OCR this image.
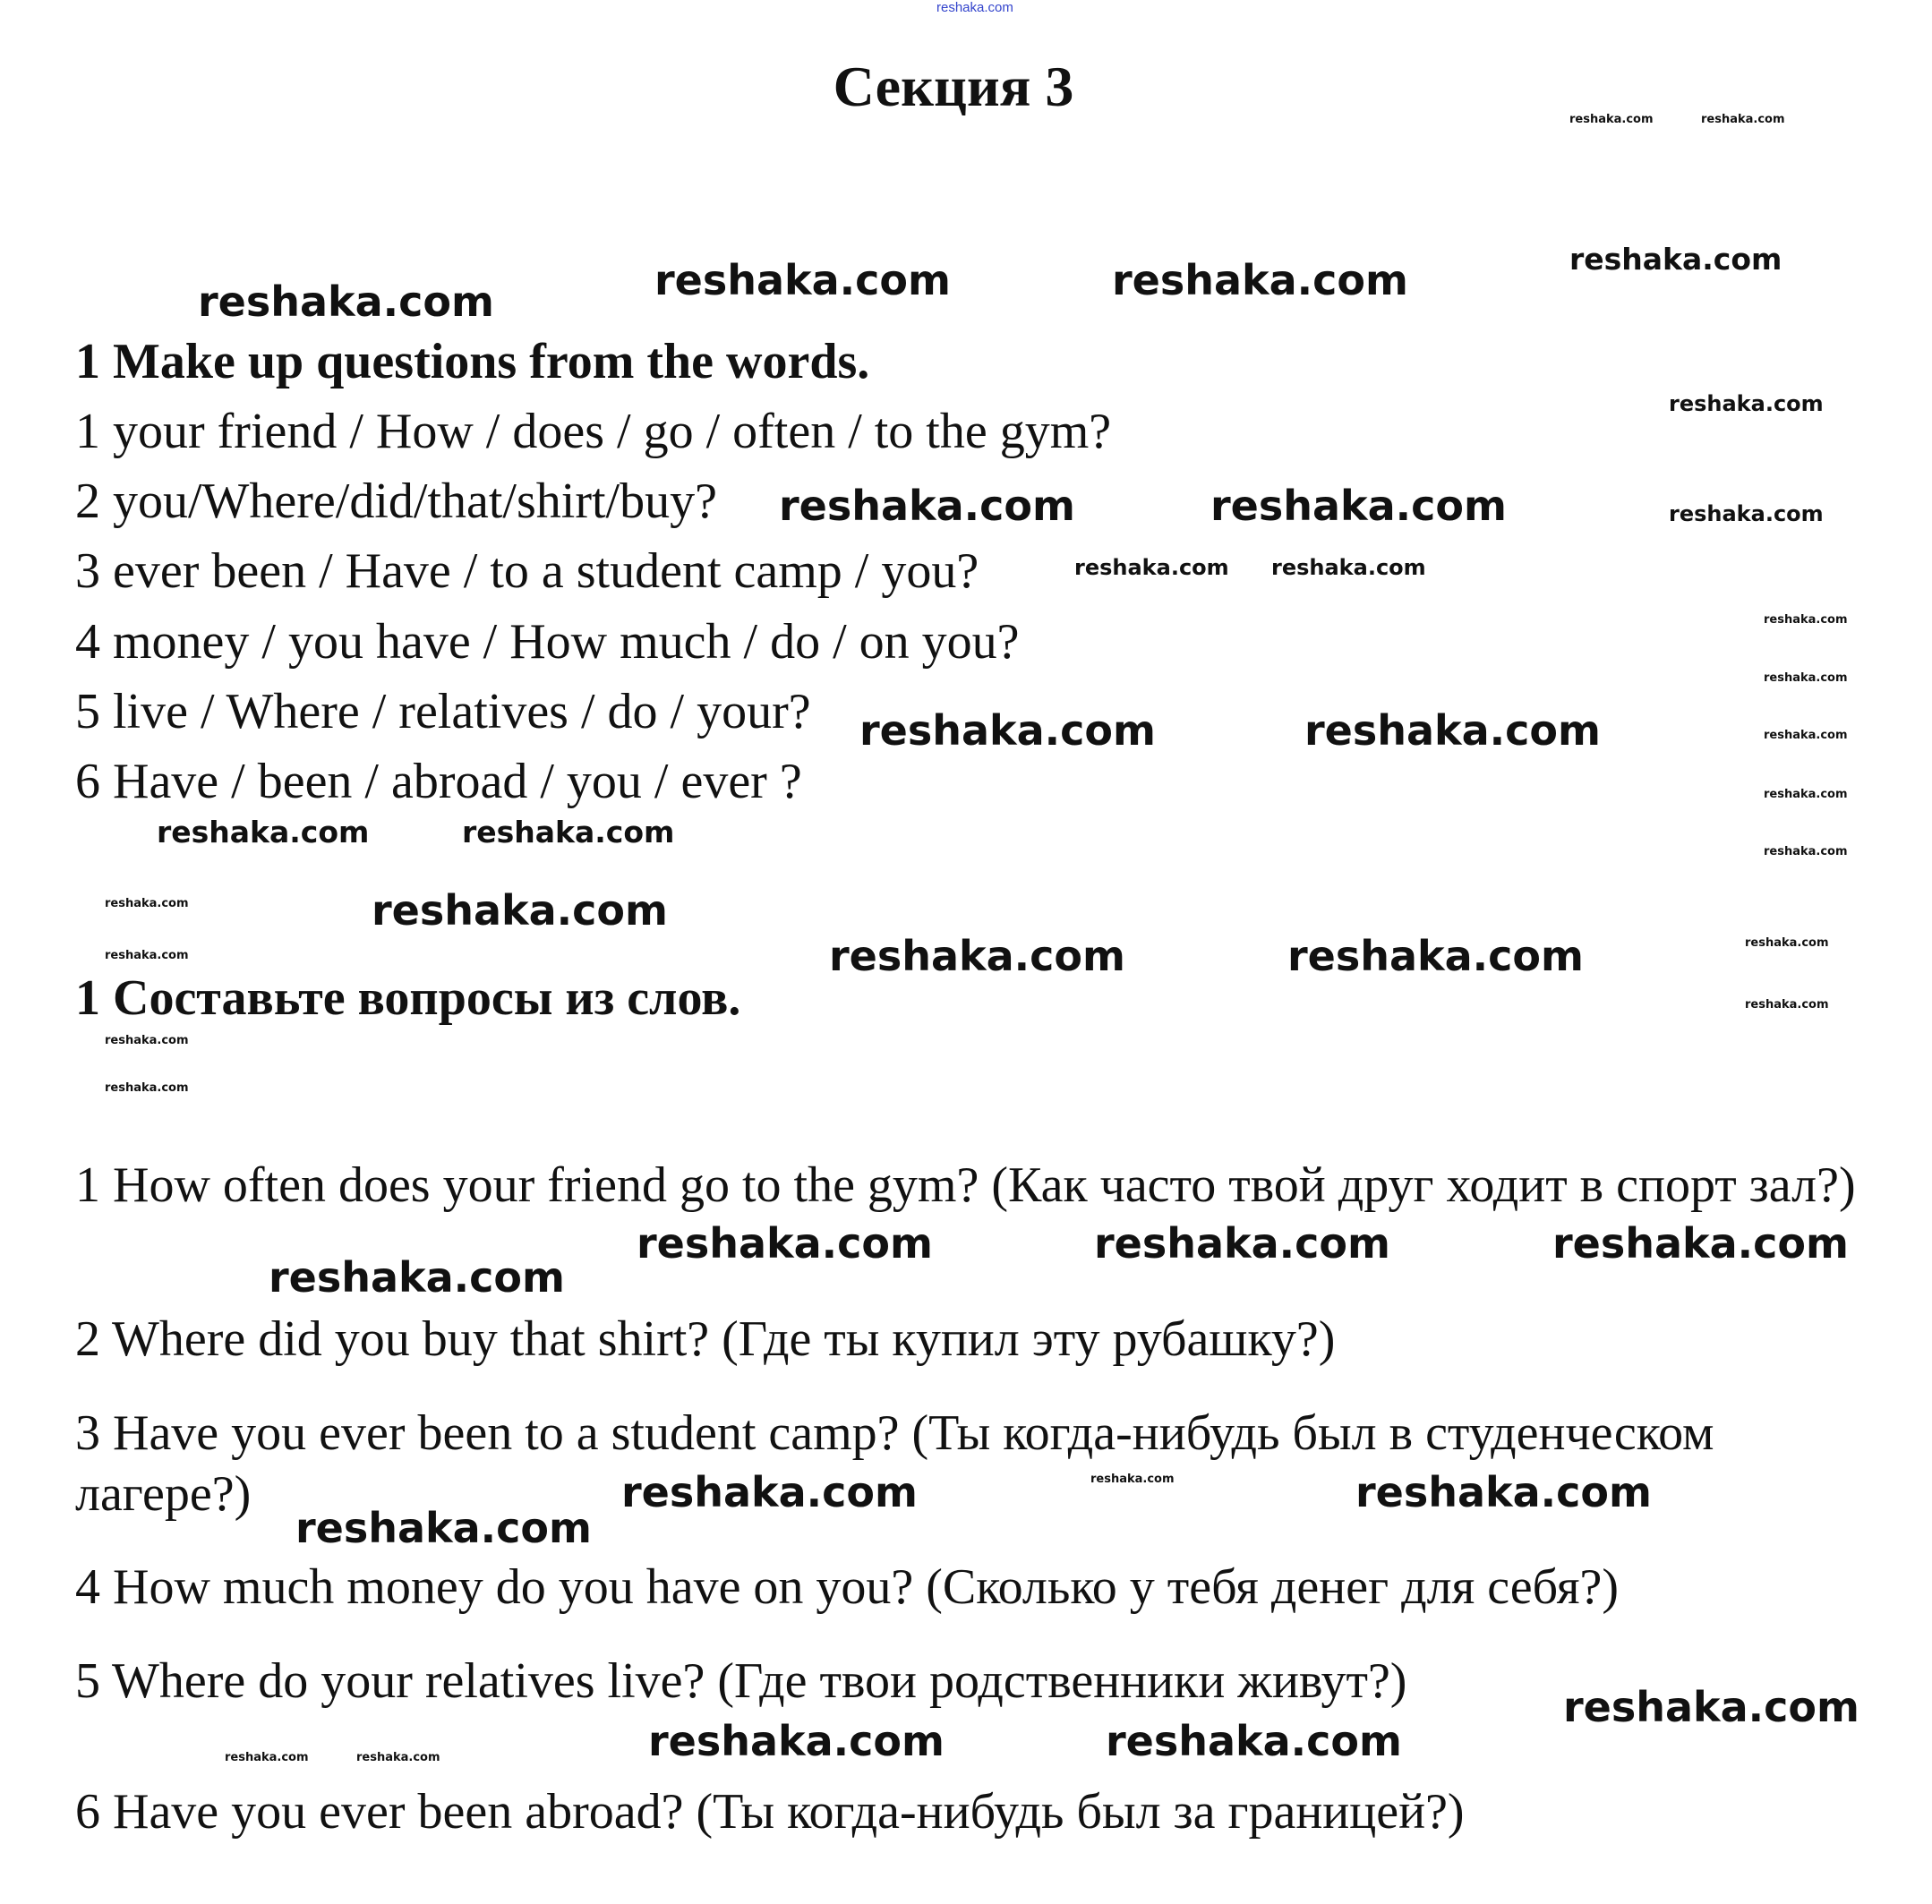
reshaka.com
Секция 3
1 Make up questions from the words.
1 your friend / How / does / go / often / to the gym?
2 you/Where/did/that/shirt/buy?
3 ever been / Have / to a student camp / you?
4 money / you have / How much / do / on you?
5 live / Where / relatives / do / your?
6 Have / been / abroad / you / ever ?
1 Составьте вопросы из слов.
1 How often does your friend go to the gym? (Как часто твой друг ходит в спорт зал?)
2 Where did you buy that shirt? (Где ты купил эту рубашку?)
3 Have you ever been to a student camp? (Ты когда-нибудь был в студенческом лагере?)
4 How much money do you have on you? (Сколько у тебя денег для себя?)
5 Where do your relatives live? (Где твои родственники живут?)
6 Have you ever been abroad? (Ты когда-нибудь был за границей?)
reshaka.com	reshaka.com	reshaka.com
reshaka.com	reshaka.com
reshaka.com	reshaka.com
reshaka.com
reshaka.com	reshaka.com
reshaka.com	reshaka.com	reshaka.com
reshaka.com
reshaka.com	reshaka.com
reshaka.com
reshaka.com	reshaka.com
reshaka.com
reshaka.com
reshaka.com	reshaka.com
reshaka.com
reshaka.com
reshaka.com reshaka.com
reshaka.com	reshaka.com
reshaka.com
reshaka.com
reshaka.com
reshaka.com
reshaka.com
reshaka.com
reshaka.com
reshaka.com
reshaka.com
reshaka.com
reshaka.com
reshaka.com
reshaka.com	reshaka.com
